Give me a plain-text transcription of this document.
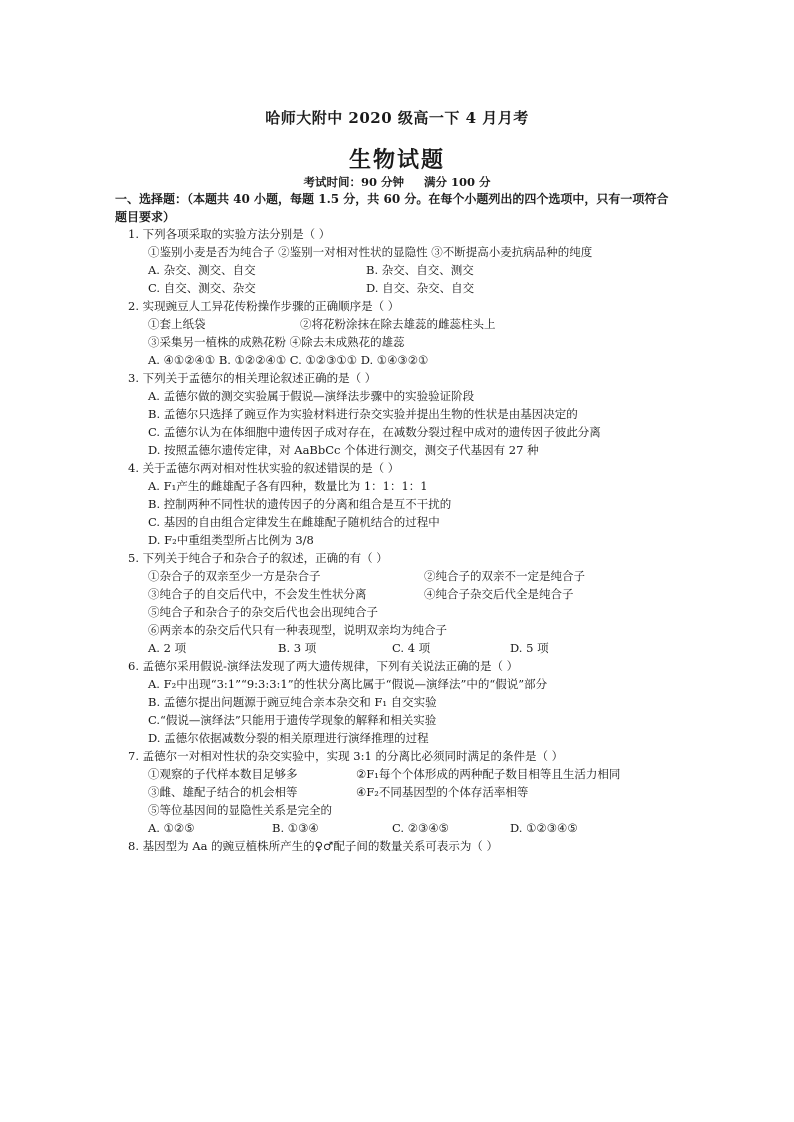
哈师大附中 2020 级高一下 4 月月考
生物试题
考试时间：90 分钟 满分 100 分
一、选择题：（本题共 40 小题，每题 1.5 分，共 60 分。在每个小题列出的四个选项中，只有一项符合
题目要求）
1. 下列各项采取的实验方法分别是（ ）
①鉴别小麦是否为纯合子 ②鉴别一对相对性状的显隐性 ③不断提高小麦抗病品种的纯度
A. 杂交、测交、自交	B. 杂交、自交、测交
C. 自交、测交、杂交	D. 自交、杂交、自交
2. 实现豌豆人工异花传粉操作步骤的正确顺序是（ ）
①套上纸袋	②将花粉涂抹在除去雄蕊的雌蕊柱头上
③采集另一植株的成熟花粉 ④除去未成熟花的雄蕊
A. ④①②④① B. ①②②④① C. ①②③①① D. ①④③②①
3. 下列关于孟德尔的相关理论叙述正确的是（ ）
A. 孟德尔做的测交实验属于假说—演绎法步骤中的实验验证阶段
B. 孟德尔只选择了豌豆作为实验材料进行杂交实验并提出生物的性状是由基因决定的
C. 孟德尔认为在体细胞中遗传因子成对存在，在减数分裂过程中成对的遗传因子彼此分离
D. 按照孟德尔遗传定律，对 AaBbCc 个体进行测交，测交子代基因有 27 种
4. 关于孟德尔两对相对性状实验的叙述错误的是（ ）
A. F₁产生的雌雄配子各有四种，数量比为 1：1：1：1
B. 控制两种不同性状的遗传因子的分离和组合是互不干扰的
C. 基因的自由组合定律发生在雌雄配子随机结合的过程中
D. F₂中重组类型所占比例为 3/8
5. 下列关于纯合子和杂合子的叙述，正确的有（ ）
①杂合子的双亲至少一方是杂合子	②纯合子的双亲不一定是纯合子
③纯合子的自交后代中，不会发生性状分离	④纯合子杂交后代全是纯合子
⑤纯合子和杂合子的杂交后代也会出现纯合子
⑥两亲本的杂交后代只有一种表现型，说明双亲均为纯合子
A. 2 项	B. 3 项	C. 4 项	D. 5 项
6. 孟德尔采用假说-演绎法发现了两大遗传规律，下列有关说法正确的是（ ）
A. F₂中出现“3:1”“9:3:3:1”的性状分离比属于“假说—演绎法”中的“假说”部分
B. 孟德尔提出问题源于豌豆纯合亲本杂交和 F₁ 自交实验
C.“假说—演绎法”只能用于遗传学现象的解释和相关实验
D. 孟德尔依据减数分裂的相关原理进行演绎推理的过程
7. 孟德尔一对相对性状的杂交实验中，实现 3:1 的分离比必须同时满足的条件是（ ）
①观察的子代样本数目足够多	②F₁每个个体形成的两种配子数目相等且生活力相同
③雌、雄配子结合的机会相等	④F₂不同基因型的个体存活率相等
⑤等位基因间的显隐性关系是完全的
A. ①②⑤	B. ①③④	C. ②③④⑤	D. ①②③④⑤
8. 基因型为 Aa 的豌豆植株所产生的♀♂配子间的数量关系可表示为（ ）
